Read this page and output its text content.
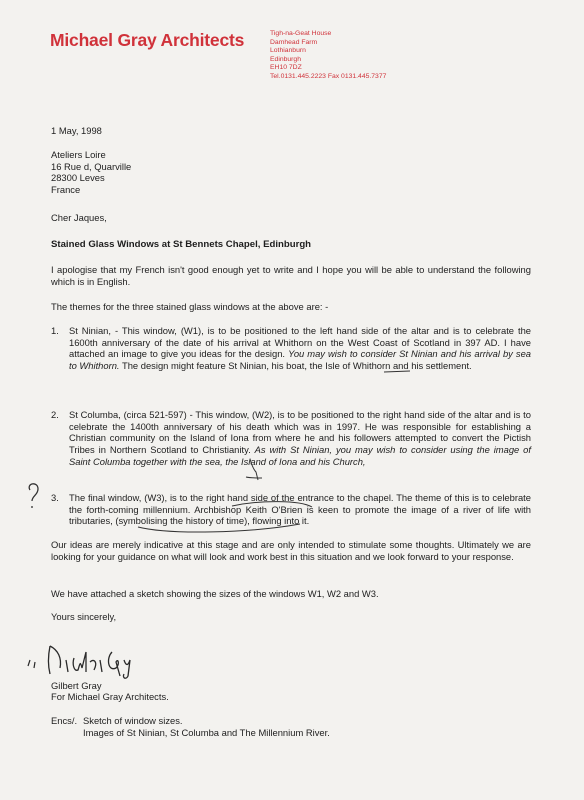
Michael Gray Architects	Tigh-na-Geat House
Damhead Farm
Lothianburn
Edinburgh
EH10 7DZ
Tel.0131.445.2223 Fax 0131.445.7377
1 May, 1998
Ateliers Loire
16 Rue d, Quarville
28300 Leves
France
Cher Jaques,
Stained Glass Windows at St Bennets Chapel, Edinburgh
I apologise that my French isn't good enough yet to write and I hope you will be able to understand the following which is in English.
The themes for the three stained glass windows at the above are: -
1.	St Ninian, - This window, (W1), is to be positioned to the left hand side of the altar and is to celebrate the 1600th anniversary of the date of his arrival at Whithorn on the West Coast of Scotland in 397 AD. I have attached an image to give you ideas for the design. You may wish to consider St Ninian and his arrival by sea to Whithorn. The design might feature St Ninian, his boat, the Isle of Whithorn and his settlement.
2.	St Columba, (circa 521-597) - This window, (W2), is to be positioned to the right hand side of the altar and is to celebrate the 1400th anniversary of his death which was in 1997. He was responsible for establishing a Christian community on the Island of Iona from where he and his followers attempted to convert the Pictish Tribes in Northern Scotland to Christianity. As with St Ninian, you may wish to consider using the image of Saint Columba together with the sea, the Island of Iona and his Church,
3.	The final window, (W3), is to the right hand side of the entrance to the chapel. The theme of this is to celebrate the forth-coming millennium. Archbishop Keith O'Brien is keen to promote the image of a river of life with tributaries, (symbolising the history of time), flowing into it.
Our ideas are merely indicative at this stage and are only intended to stimulate some thoughts. Ultimately we are looking for your guidance on what will look and work best in this situation and we look forward to your response.
We have attached a sketch showing the sizes of the windows W1, W2 and W3.
Yours sincerely,
Gilbert Gray
For Michael Gray Architects.
Encs/. Sketch of window sizes.
Images of St Ninian, St Columba and The Millennium River.
